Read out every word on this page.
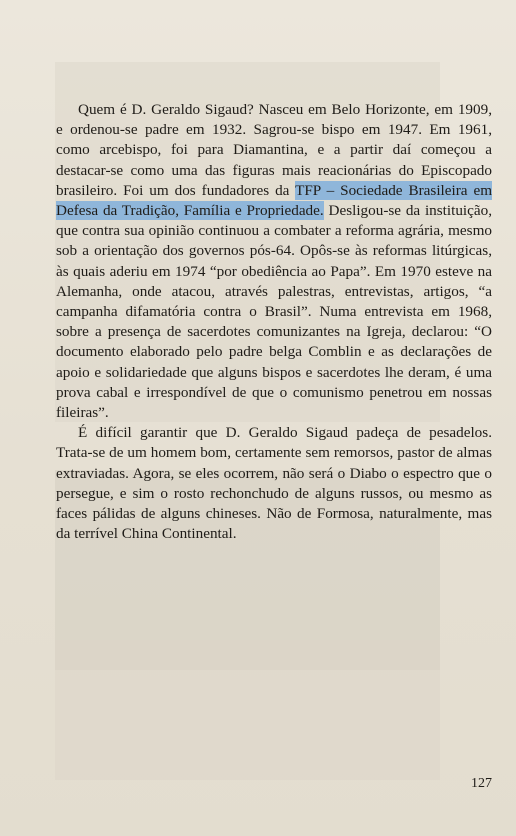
Quem é D. Geraldo Sigaud? Nasceu em Belo Horizonte, em 1909, e ordenou-se padre em 1932. Sagrou-se bispo em 1947. Em 1961, como arcebispo, foi para Diamantina, e a partir daí começou a destacar-se como uma das figuras mais reacionárias do Episcopado brasileiro. Foi um dos fundadores da TFP – Sociedade Brasileira em Defesa da Tradição, Família e Propriedade. Desligou-se da instituição, que contra sua opinião continuou a combater a reforma agrária, mesmo sob a orientação dos governos pós-64. Opôs-se às reformas litúrgicas, às quais aderiu em 1974 “por obediência ao Papa”. Em 1970 esteve na Alemanha, onde atacou, através palestras, entrevistas, artigos, “a campanha difamatória contra o Brasil”. Numa entrevista em 1968, sobre a presença de sacerdotes comunizantes na Igreja, declarou: “O documento elaborado pelo padre belga Comblin e as declarações de apoio e solidariedade que alguns bispos e sacerdotes lhe deram, é uma prova cabal e irrespondível de que o comunismo penetrou em nossas fileiras”.

É difícil garantir que D. Geraldo Sigaud padeça de pesadelos. Trata-se de um homem bom, certamente sem remorsos, pastor de almas extraviadas. Agora, se eles ocorrem, não será o Diabo o espectro que o persegue, e sim o rosto rechonchudo de alguns russos, ou mesmo as faces pálidas de alguns chineses. Não de Formosa, naturalmente, mas da terrível China Continental.

127
